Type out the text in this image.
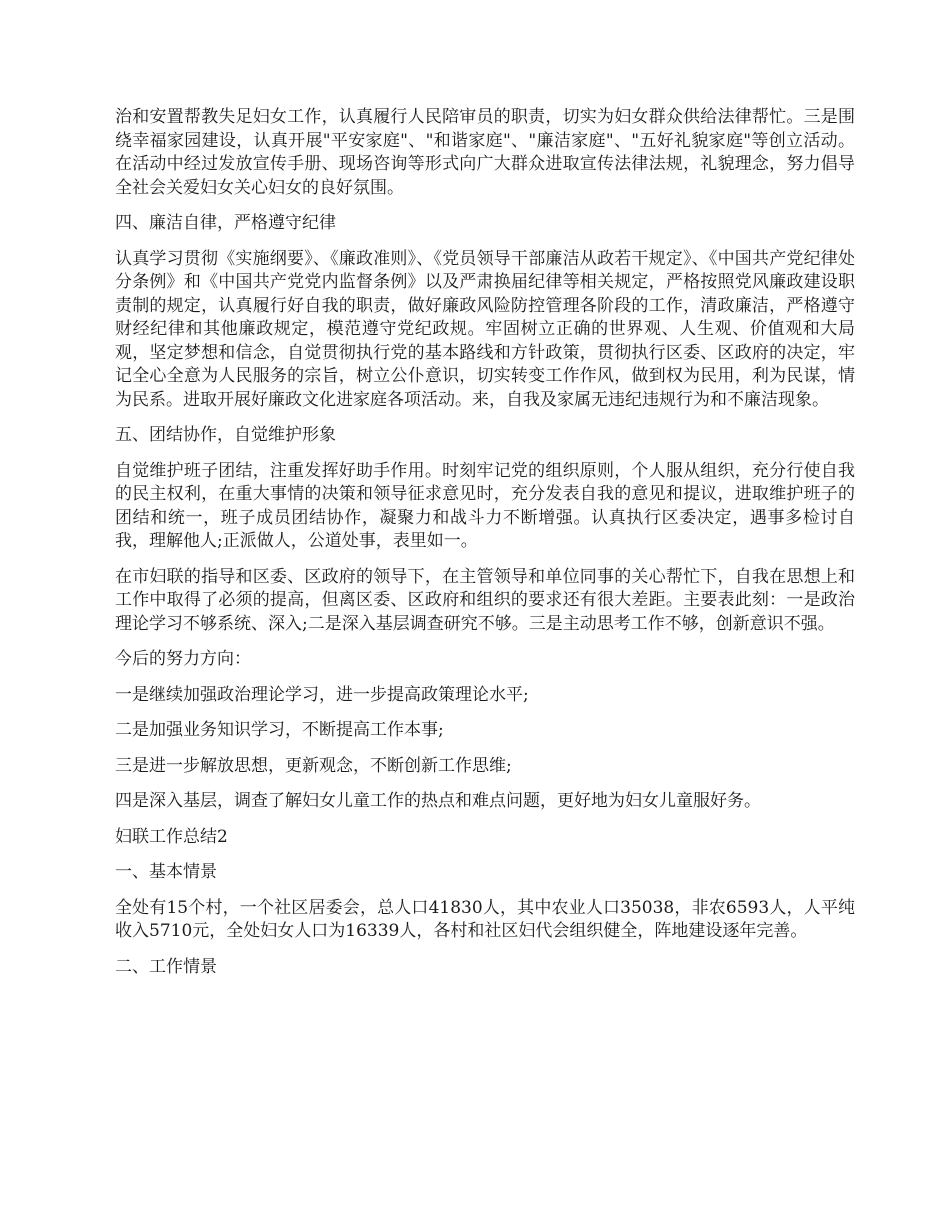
治和安置帮教失足妇女工作，认真履行人民陪审员的职责，切实为妇女群众供给法律帮忙。三是围绕幸福家园建设，认真开展"平安家庭"、"和谐家庭"、"廉洁家庭"、"五好礼貌家庭"等创立活动。在活动中经过发放宣传手册、现场咨询等形式向广大群众进取宣传法律法规，礼貌理念，努力倡导全社会关爱妇女关心妇女的良好氛围。

四、廉洁自律，严格遵守纪律

认真学习贯彻《实施纲要》、《廉政准则》、《党员领导干部廉洁从政若干规定》、《中国共产党纪律处分条例》和《中国共产党党内监督条例》以及严肃换届纪律等相关规定，严格按照党风廉政建设职责制的规定，认真履行好自我的职责，做好廉政风险防控管理各阶段的工作，清政廉洁，严格遵守财经纪律和其他廉政规定，模范遵守党纪政规。牢固树立正确的世界观、人生观、价值观和大局观，坚定梦想和信念，自觉贯彻执行党的基本路线和方针政策，贯彻执行区委、区政府的决定，牢记全心全意为人民服务的宗旨，树立公仆意识，切实转变工作作风，做到权为民用，利为民谋，情为民系。进取开展好廉政文化进家庭各项活动。来，自我及家属无违纪违规行为和不廉洁现象。

五、团结协作，自觉维护形象

自觉维护班子团结，注重发挥好助手作用。时刻牢记党的组织原则，个人服从组织，充分行使自我的民主权利，在重大事情的决策和领导征求意见时，充分发表自我的意见和提议，进取维护班子的团结和统一，班子成员团结协作，凝聚力和战斗力不断增强。认真执行区委决定，遇事多检讨自我，理解他人;正派做人，公道处事，表里如一。

在市妇联的指导和区委、区政府的领导下，在主管领导和单位同事的关心帮忙下，自我在思想上和工作中取得了必须的提高，但离区委、区政府和组织的要求还有很大差距。主要表此刻：一是政治理论学习不够系统、深入;二是深入基层调查研究不够。三是主动思考工作不够，创新意识不强。

今后的努力方向：

一是继续加强政治理论学习，进一步提高政策理论水平;

二是加强业务知识学习，不断提高工作本事;

三是进一步解放思想，更新观念，不断创新工作思维;

四是深入基层，调查了解妇女儿童工作的热点和难点问题，更好地为妇女儿童服好务。

妇联工作总结2

一、基本情景

全处有15个村，一个社区居委会，总人口41830人，其中农业人口35038，非农6593人，人平纯收入5710元，全处妇女人口为16339人，各村和社区妇代会组织健全，阵地建设逐年完善。

二、工作情景
